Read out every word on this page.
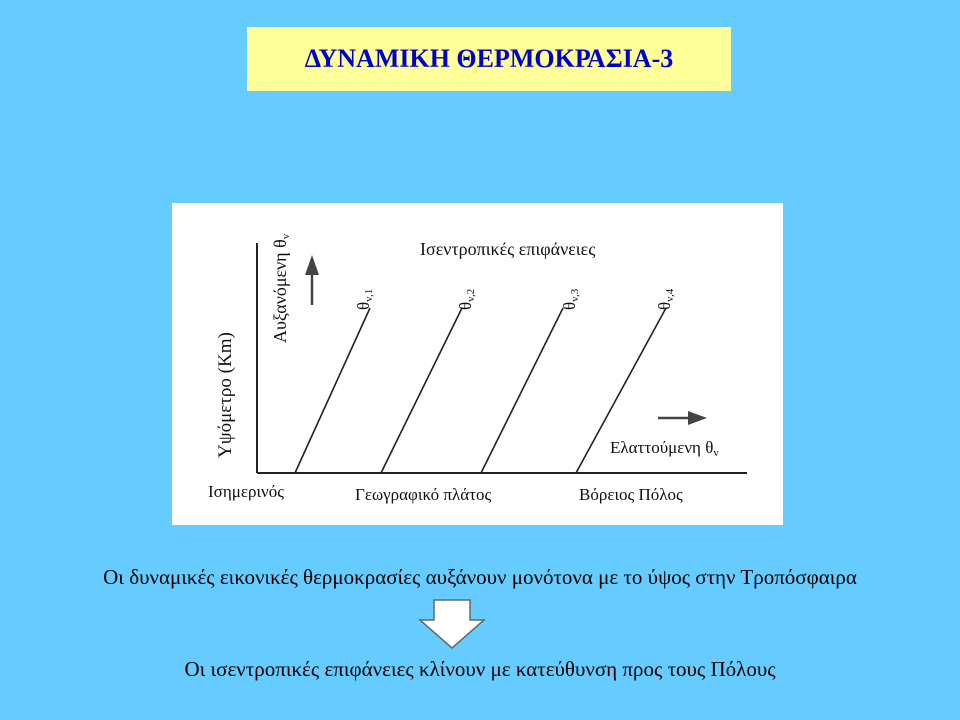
ΔΥΝΑΜΙΚΗ ΘΕΡΜΟΚΡΑΣΙΑ-3
Αυξανόμενη $\theta_v$
$\theta_{v,1}$
$\theta_{v,2}$
$\theta_{v,3}$
$\theta_{v,4}$
Ισεντροπικές επιφάνειες
Ελαττούμενη $\theta_v$
Γεωγραφικό πλάτος	Βόρειος Πόλος
Υψόμετρο (Km)
Ισημερινός
Οι δυναμικές εικονικές θερμοκρασίες αυξάνουν μονότονα με το ύψος στην Τροπόσφαιρα
Οι ισεντροπικές επιφάνειες κλίνουν με κατεύθυνση προς τους Πόλους
